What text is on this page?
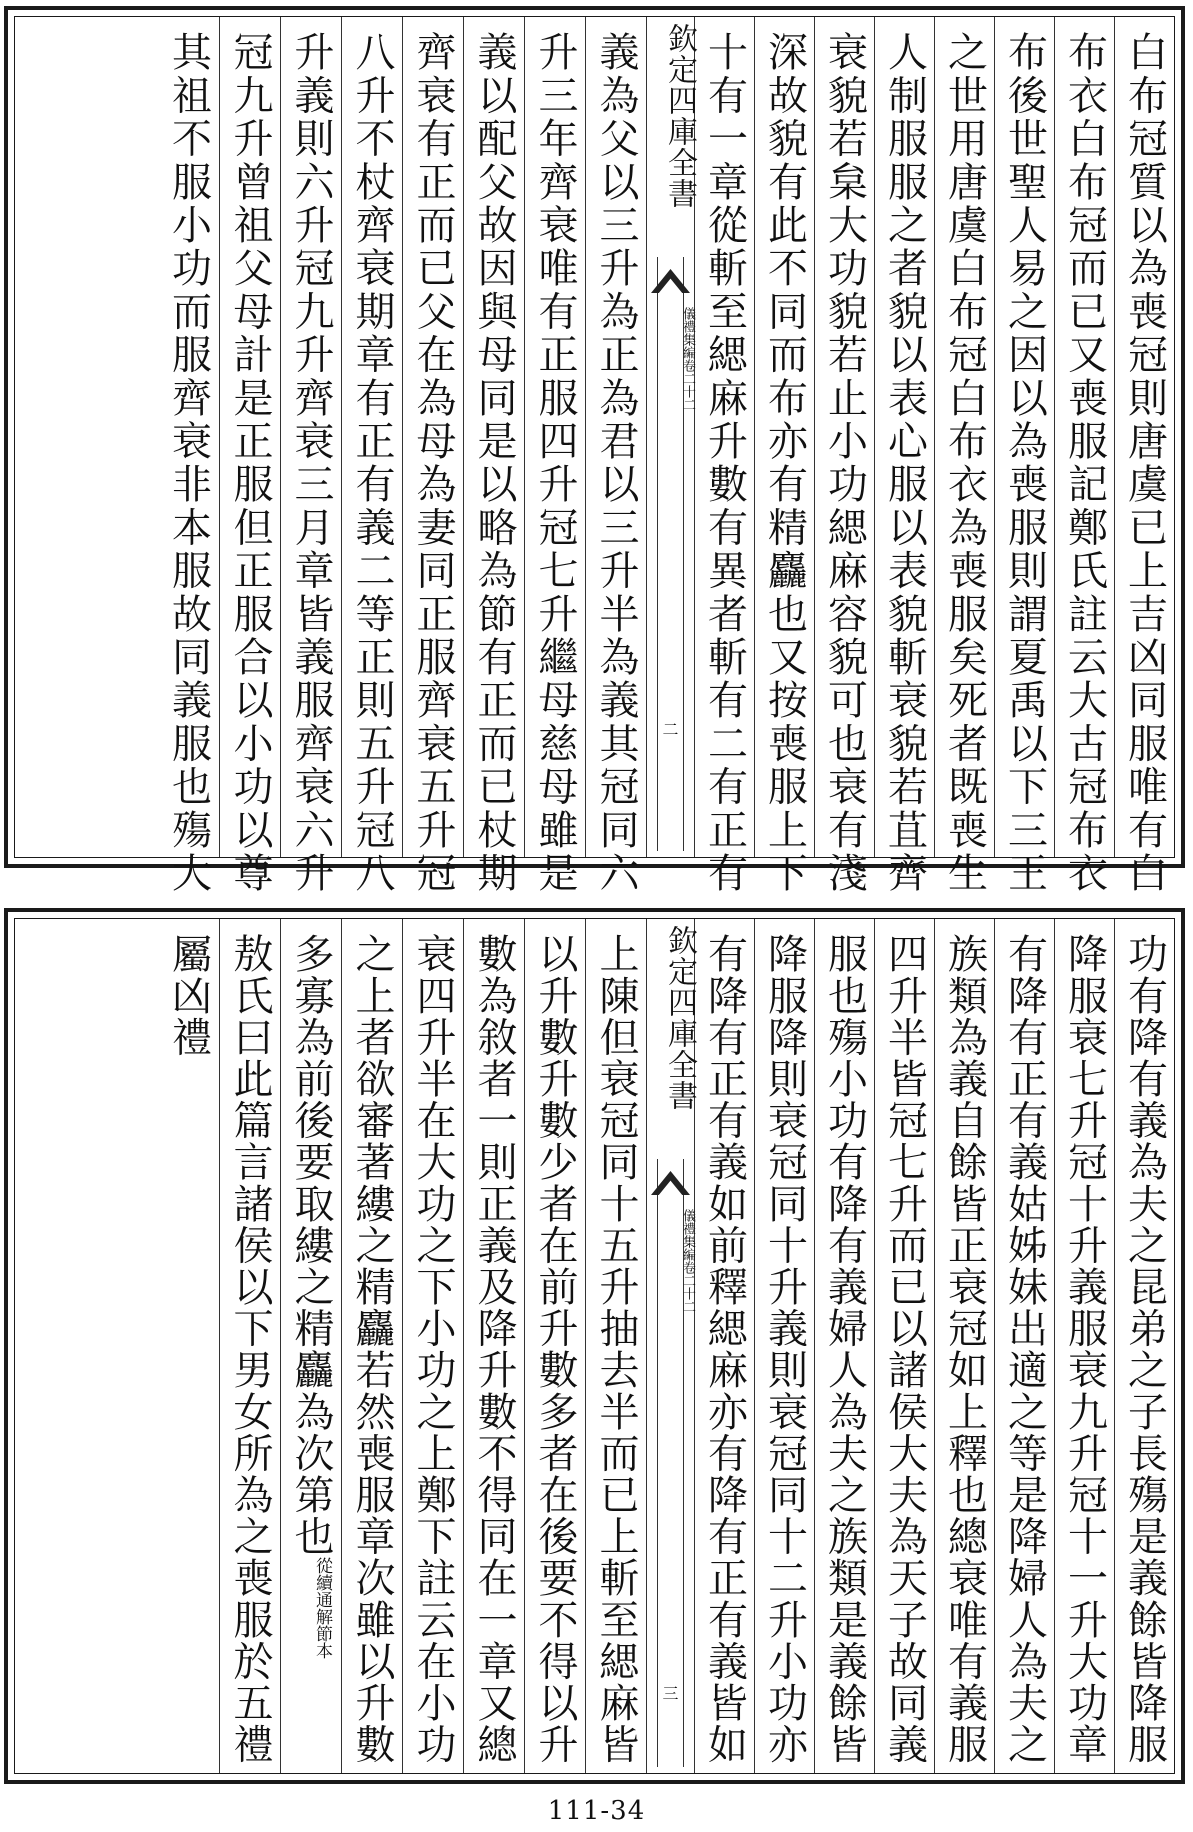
白布冠質以為喪冠則唐虞已上吉凶同服唯有白
布衣白布冠而已又喪服記鄭氏註云大古冠布衣
布後世聖人易之因以為喪服則謂夏禹以下三王
之世用唐虞白布冠白布衣為喪服矣死者既喪生
人制服服之者貌以表心服以表貌斬衰貌若苴齊
衰貌若枲大功貌若止小功緦麻容貌可也衰有淺
深故貌有此不同而布亦有精麤也又按喪服上下
十有一章從斬至緦麻升數有異者斬有二有正有
欽定四庫全書
儀禮集編
卷二十二
二
義為父以三升為正為君以三升半為義其冠同六
升三年齊衰唯有正服四升冠七升繼母慈母雖是
義以配父故因與母同是以略為節有正而已杖期
齊衰有正而已父在為母為妻同正服齊衰五升冠
八升不杖齊衰期章有正有義二等正則五升冠八
升義則六升冠九升齊衰三月章皆義服齊衰六升
冠九升曾祖父母計是正服但正服合以小功以尊
其祖不服小功而服齊衰非本服故同義服也殤大
功有降有義為夫之昆弟之子長殤是義餘皆降服
降服衰七升冠十升義服衰九升冠十一升大功章
有降有正有義姑姊妹出適之等是降婦人為夫之
族類為義自餘皆正衰冠如上釋也總衰唯有義服
四升半皆冠七升而已以諸侯大夫為天子故同義
服也殤小功有降有義婦人為夫之族類是義餘皆
降服降則衰冠同十升義則衰冠同十二升小功亦
有降有正有義如前釋緦麻亦有降有正有義皆如
欽定四庫全書
儀禮集編
卷二十二
三
上陳但衰冠同十五升抽去半而已上斬至緦麻皆
以升數升數少者在前升數多者在後要不得以升
數為敘者一則正義及降升數不得同在一章又總
衰四升半在大功之下小功之上鄭下註云在小功
之上者欲審著縷之精麤若然喪服章次雖以升數
多寡為前後要取縷之精麤為次第也從續通解節本
敖氏曰此篇言諸侯以下男女所為之喪服於五禮
屬凶禮
111-34
